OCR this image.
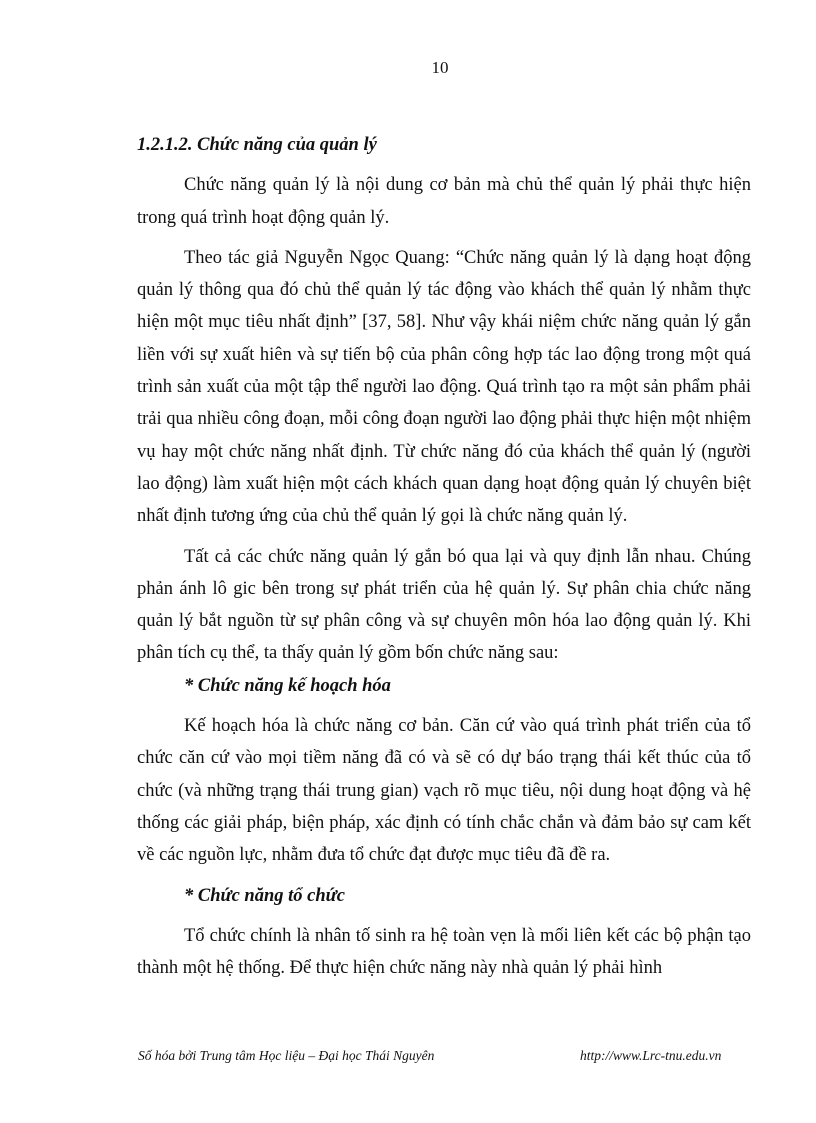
10

1.2.1.2. Chức năng của quản lý

Chức năng quản lý là nội dung cơ bản mà chủ thể quản lý phải thực hiện trong quá trình hoạt động quản lý.

Theo tác giả Nguyễn Ngọc Quang: “Chức năng quản lý là dạng hoạt động quản lý thông qua đó chủ thể quản lý tác động vào khách thể quản lý nhằm thực hiện một mục tiêu nhất định” [37, 58]. Như vậy khái niệm chức năng quản lý gắn liền với sự xuất hiên và sự tiến bộ của phân công hợp tác lao động trong một quá trình sản xuất của một tập thể người lao động. Quá trình tạo ra một sản phẩm phải trải qua nhiều công đoạn, mỗi công đoạn người lao động phải thực hiện một nhiệm vụ hay một chức năng nhất định. Từ chức năng đó của khách thể quản lý (người lao động) làm xuất hiện một cách khách quan dạng hoạt động quản lý chuyên biệt nhất định tương ứng của chủ thể quản lý gọi là chức năng quản lý.

Tất cả các chức năng quản lý gắn bó qua lại và quy định lẫn nhau. Chúng phản ánh lô gic bên trong sự phát triển của hệ quản lý. Sự phân chia chức năng quản lý bắt nguồn từ sự phân công và sự chuyên môn hóa lao động quản lý. Khi phân tích cụ thể, ta thấy quản lý gồm bốn chức năng sau:

* Chức năng kế hoạch hóa

Kế hoạch hóa là chức năng cơ bản. Căn cứ vào quá trình phát triển của tổ chức căn cứ vào mọi tiềm năng đã có và sẽ có dự báo trạng thái kết thúc của tổ chức (và những trạng thái trung gian) vạch rõ mục tiêu, nội dung hoạt động và hệ thống các giải pháp, biện pháp, xác định có tính chắc chắn và đảm bảo sự cam kết về các nguồn lực, nhằm đưa tổ chức đạt được mục tiêu đã đề ra.

* Chức năng tổ chức

Tổ chức chính là nhân tố sinh ra hệ toàn vẹn là mối liên kết các bộ phận tạo thành một hệ thống. Để thực hiện chức năng này nhà quản lý phải hình

Số hóa bởi Trung tâm Học liệu – Đại học Thái Nguyên	http://www.Lrc-tnu.edu.vn
